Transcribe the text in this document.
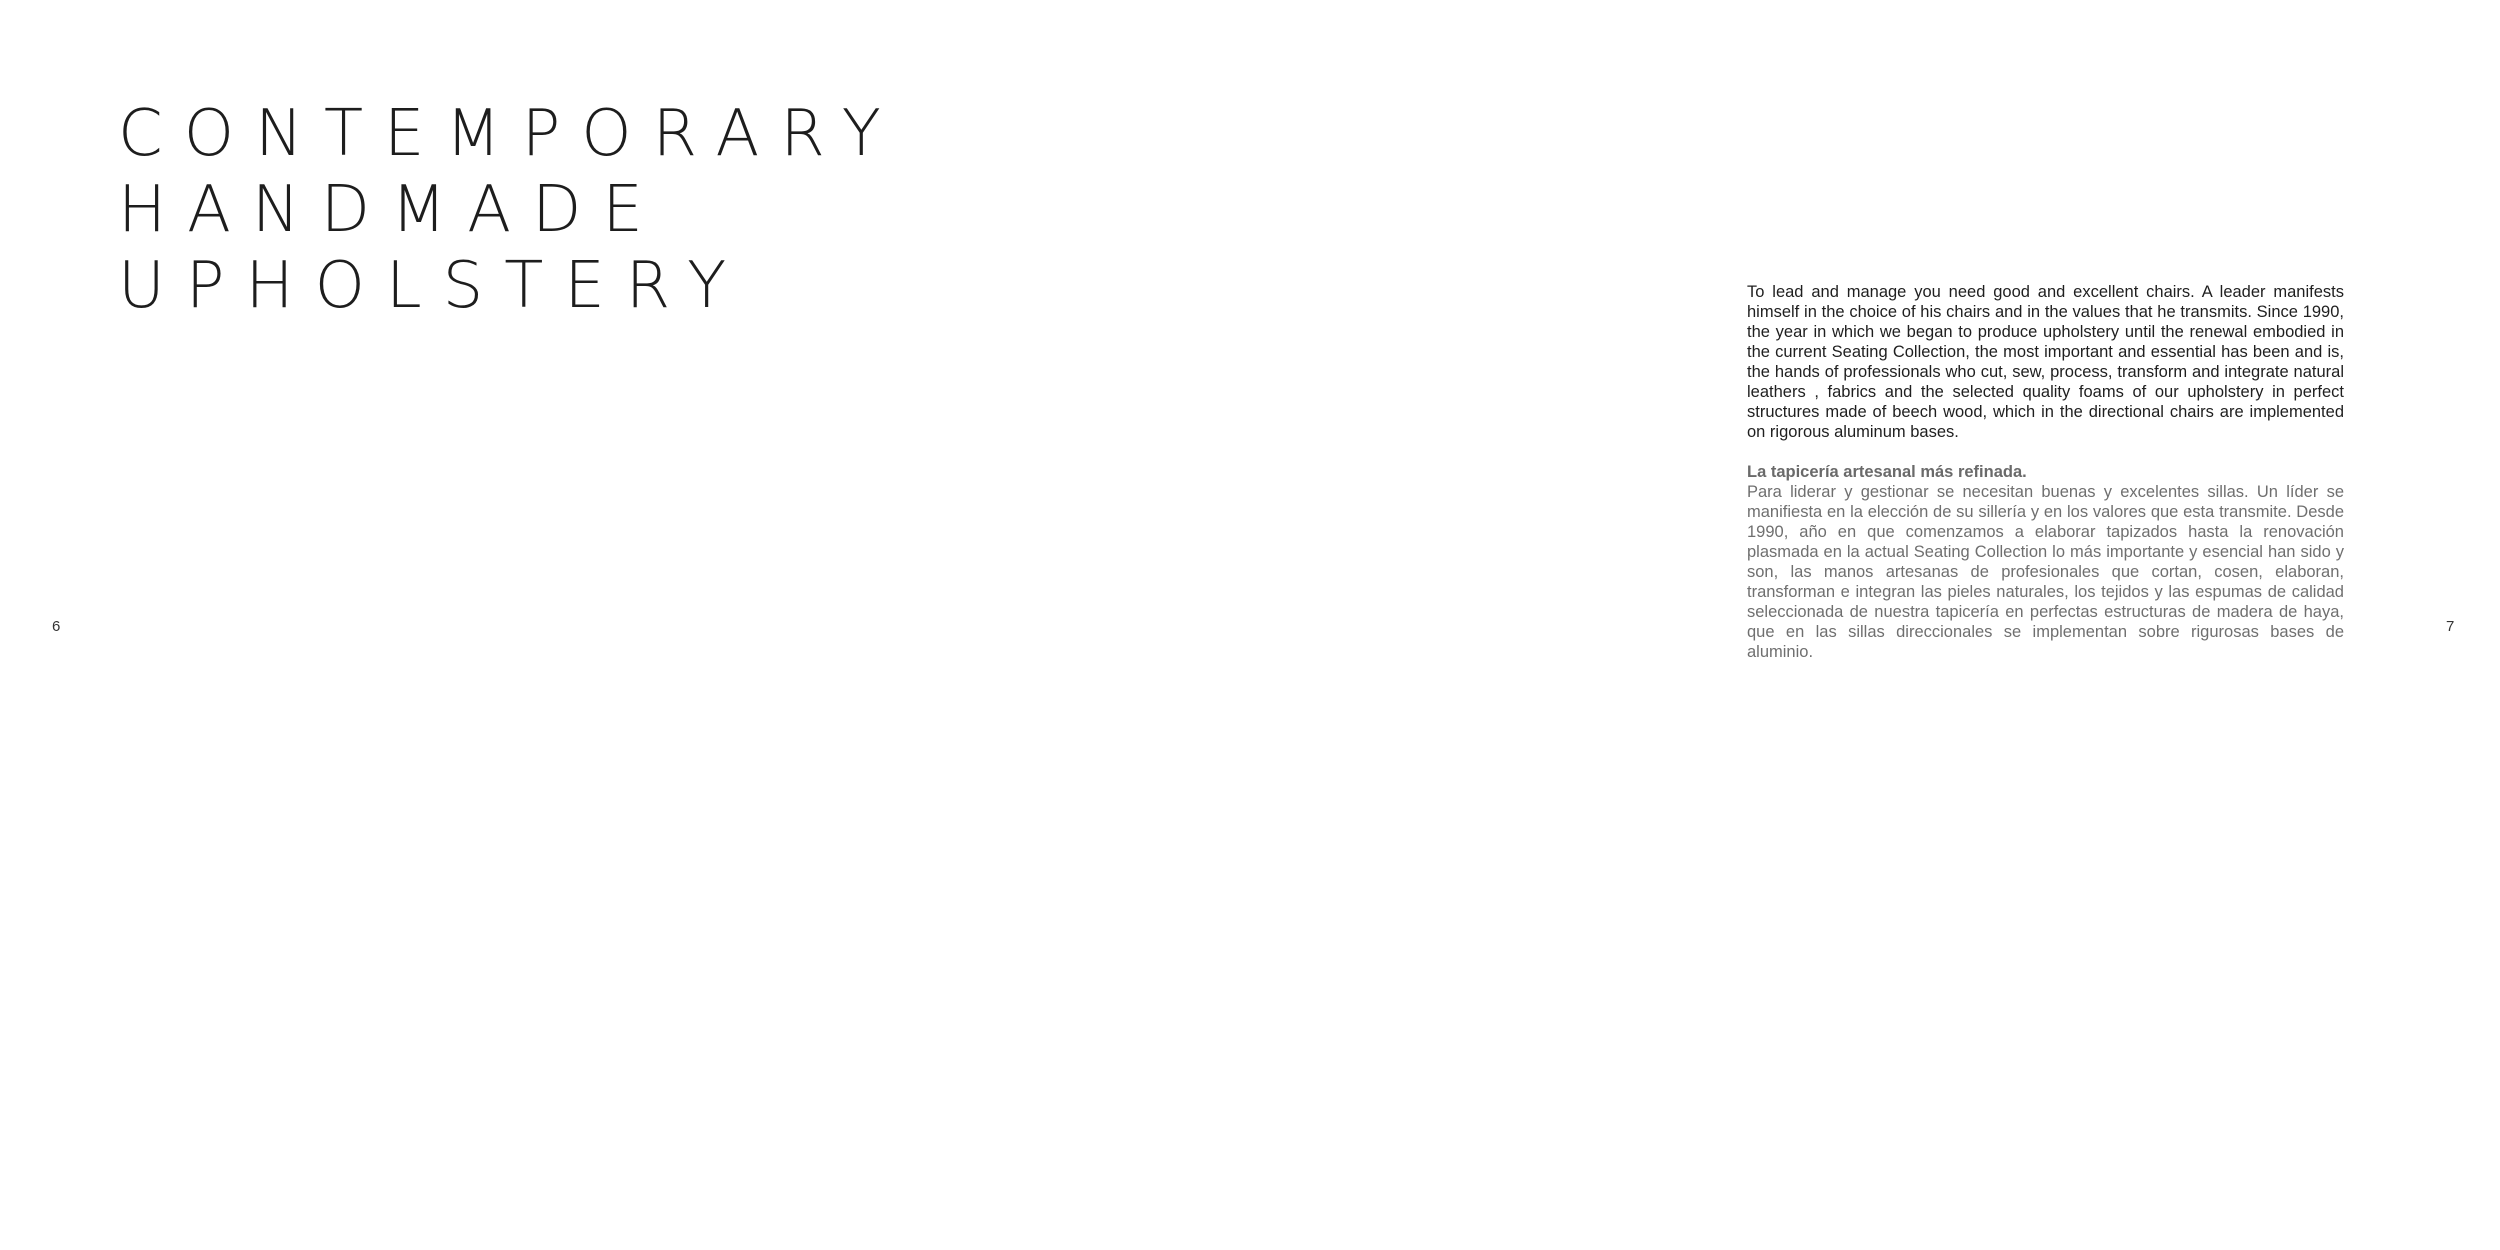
CONTEMPORARY
HANDMADE
UPHOLSTERY	To lead and manage you need good and excellent chairs. A leader manifests himself in the choice of his chairs and in the values that he transmits. Since 1990, the year in which we began to produce upholstery until the renewal embodied in the current Seating Collection, the most important and essential has been and is, the hands of professionals who cut, sew, process, transform and integrate natural leathers , fabrics and the selected quality foams of our upholstery in perfect structures made of beech wood, which in the directional chairs are implemented on rigorous aluminum bases.

La tapicería artesanal más refinada.

Para liderar y gestionar se necesitan buenas y excelentes sillas. Un líder se manifiesta en la elección de su sillería y en los valores que esta transmite. Desde 1990, año en que comenzamos a elaborar tapizados hasta la renovación plasmada en la actual Seating Collection lo más importante y esencial han sido y son, las manos artesanas de profesionales que cortan, cosen, elaboran, transforman e integran las pieles naturales, los tejidos y las espumas de calidad seleccionada de nuestra tapicería en perfectas estructuras de madera de haya, que en las sillas direccionales se implementan sobre rigurosas bases de aluminio.

6	7
